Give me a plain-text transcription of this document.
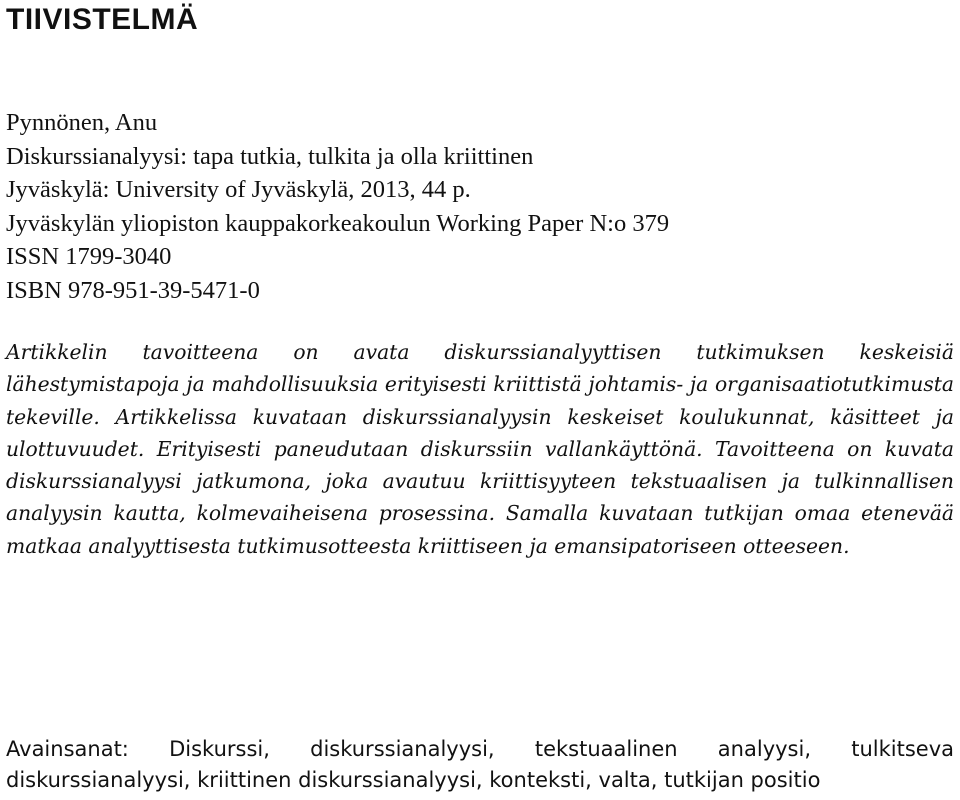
TIIVISTELMÄ
Pynnönen, Anu
Diskurssianalyysi: tapa tutkia, tulkita ja olla kriittinen
Jyväskylä: University of Jyväskylä, 2013, 44 p.
Jyväskylän yliopiston kauppakorkeakoulun Working Paper N:o 379
ISSN 1799-3040
ISBN 978-951-39-5471-0

Artikkelin tavoitteena on avata diskurssianalyyttisen tutkimuksen keskeisiä lähestymistapoja ja mahdollisuuksia erityisesti kriittistä johtamis- ja organisaatiotutkimusta tekeville. Artikkelissa kuvataan diskurssianalyysin keskeiset koulukunnat, käsitteet ja ulottuvuudet. Erityisesti paneudutaan diskurssiin vallankäyttönä. Tavoitteena on kuvata diskurssianalyysi jatkumona, joka avautuu kriittisyyteen tekstuaalisen ja tulkinnallisen analyysin kautta, kolmevaiheisena prosessina. Samalla kuvataan tutkijan omaa etenevää matkaa analyyttisesta tutkimusotteesta kriittiseen ja emansipatoriseen otteeseen.

Avainsanat: Diskurssi, diskurssianalyysi, tekstuaalinen analyysi, tulkitseva diskurssianalyysi, kriittinen diskurssianalyysi, konteksti, valta, tutkijan positio
